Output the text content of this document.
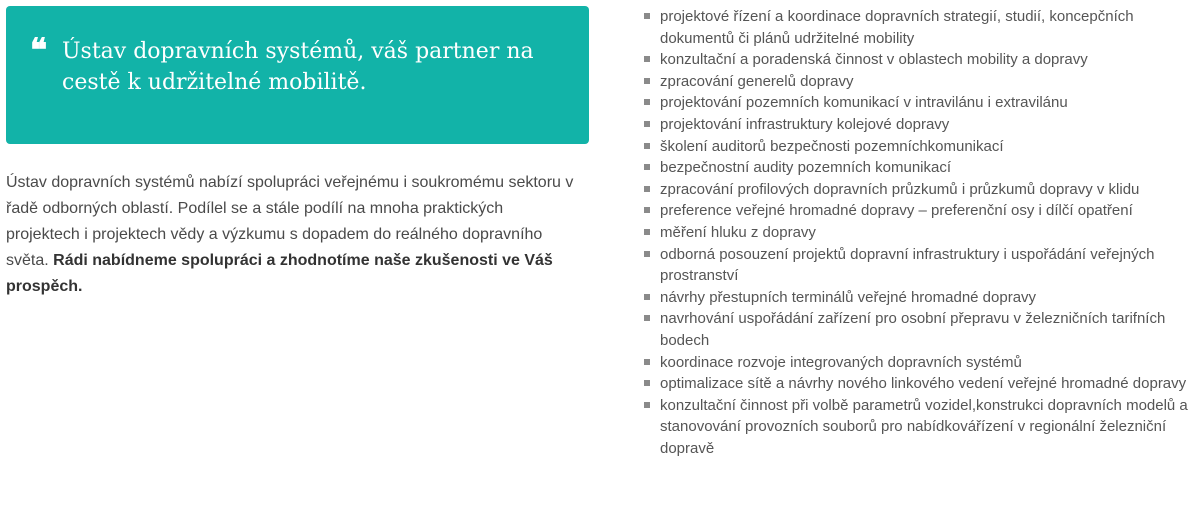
❝ Ústav dopravních systémů, váš partner na cestě k udržitelné mobilitě.

Ústav dopravních systémů nabízí spolupráci veřejnému i soukromému sektoru v řadě odborných oblastí. Podílel se a stále podílí na mnoha praktických projektech i projektech vědy a výzkumu s dopadem do reálného dopravního světa. Rádi nabídneme spolupráci a zhodnotíme naše zkušenosti ve Váš prospěch.

projektové řízení a koordinace dopravních strategií, studií, koncepčních dokumentů či plánů udržitelné mobility
konzultační a poradenská činnost v oblastech mobility a dopravy
zpracování generelů dopravy
projektování pozemních komunikací v intravilánu i extravilánu
projektování infrastruktury kolejové dopravy
školení auditorů bezpečnosti pozemníchkomunikací
bezpečnostní audity pozemních komunikací
zpracování profilových dopravních průzkumů i průzkumů dopravy v klidu
preference veřejné hromadné dopravy – preferenční osy i dílčí opatření
měření hluku z dopravy
odborná posouzení projektů dopravní infrastruktury i uspořádání veřejných prostranství
návrhy přestupních terminálů veřejné hromadné dopravy
navrhování uspořádání zařízení pro osobní přepravu v železničních tarifních bodech
koordinace rozvoje integrovaných dopravních systémů
optimalizace sítě a návrhy nového linkového vedení veřejné hromadné dopravy
konzultační činnost při volbě parametrů vozidel,konstrukci dopravních modelů a stanovování provozních souborů pro nabídkovářízení v regionální železniční dopravě
